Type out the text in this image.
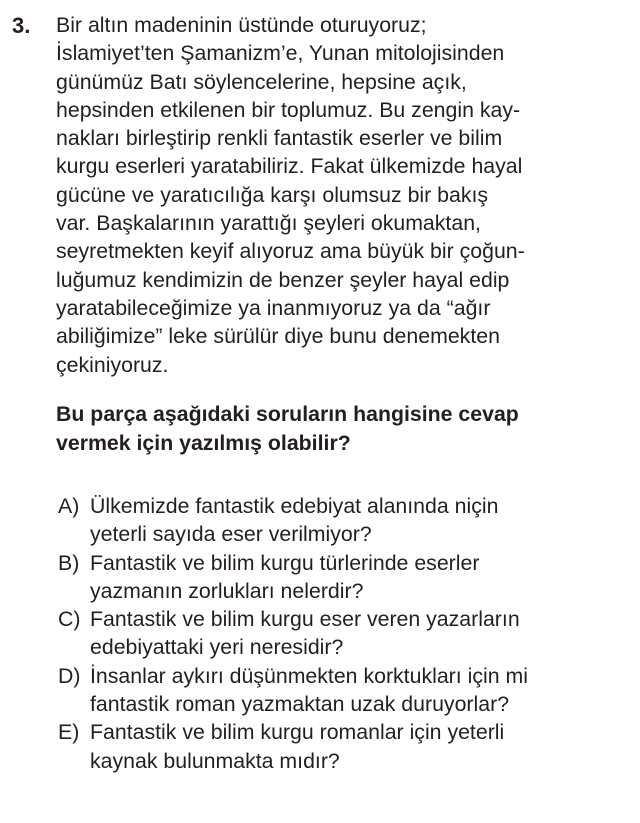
3. Bir altın madeninin üstünde oturuyoruz;
İslamiyet’ten Şamanizm’e, Yunan mitolojisinden
günümüz Batı söylencelerine, hepsine açık,
hepsinden etkilenen bir toplumuz. Bu zengin kay-
nakları birleştirip renkli fantastik eserler ve bilim
kurgu eserleri yaratabiliriz. Fakat ülkemizde hayal
gücüne ve yaratıcılığa karşı olumsuz bir bakış
var. Başkalarının yarattığı şeyleri okumaktan,
seyretmekten keyif alıyoruz ama büyük bir çoğun-
luğumuz kendimizin de benzer şeyler hayal edip
yaratabileceğimize ya inanmıyoruz ya da “ağır
abiliğimize” leke sürülür diye bunu denemekten
çekiniyoruz.
Bu parça aşağıdaki soruların hangisine cevap
vermek için yazılmış olabilir?
A) Ülkemizde fantastik edebiyat alanında niçin
yeterli sayıda eser verilmiyor?
B) Fantastik ve bilim kurgu türlerinde eserler
yazmanın zorlukları nelerdir?
C) Fantastik ve bilim kurgu eser veren yazarların
edebiyattaki yeri neresidir?
D) İnsanlar aykırı düşünmekten korktukları için mi
fantastik roman yazmaktan uzak duruyorlar?
E) Fantastik ve bilim kurgu romanlar için yeterli
kaynak bulunmakta mıdır?
